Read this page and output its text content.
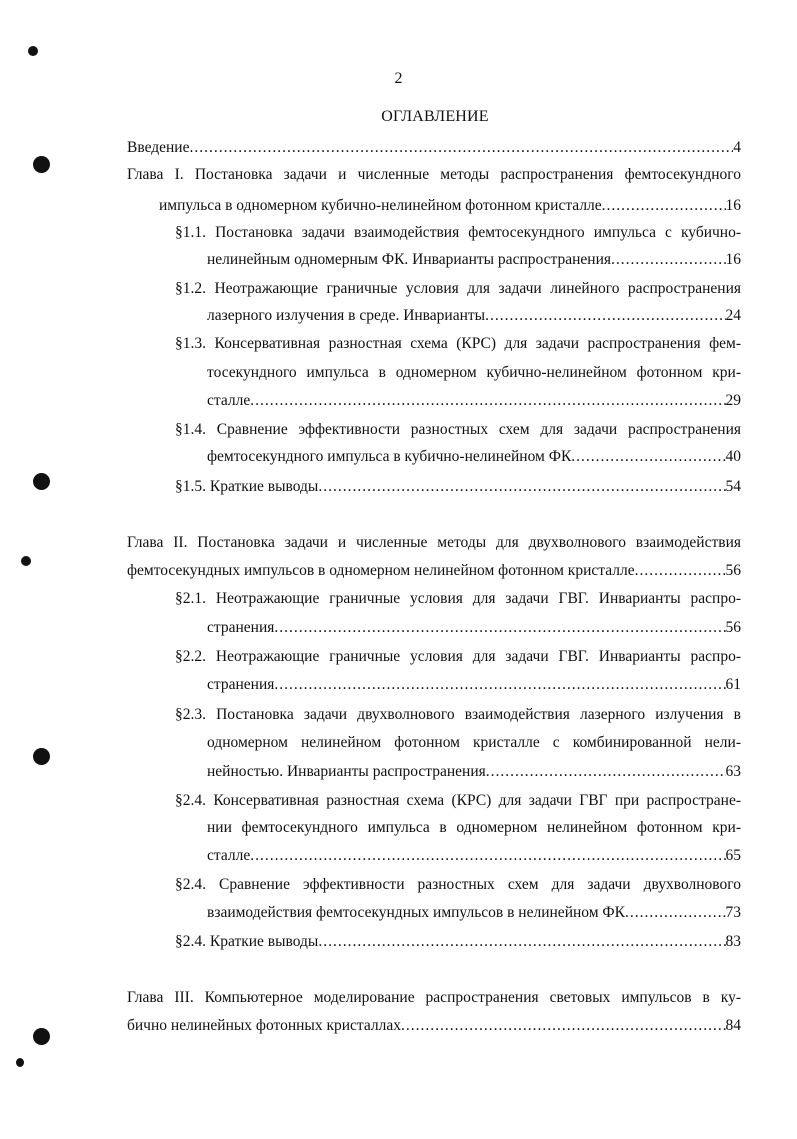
2
ОГЛАВЛЕНИЕ
Введение .....	4
Глава I. Постановка задачи и численные методы распространения фемтосекундного
импульса в одномерном кубично-нелинейном фотонном кристалле .....	16
§1.1. Постановка задачи взаимодействия фемтосекундного импульса с кубично-
нелинейным одномерным ФК. Инварианты распространения .....	16
§1.2. Неотражающие граничные условия для задачи линейного распространения
лазерного излучения в среде. Инварианты .....	24
§1.3. Консервативная разностная схема (КРС) для задачи распространения фем-
тосекундного импульса в одномерном кубично-нелинейном фотонном кри-
сталле .....	29
§1.4. Сравнение эффективности разностных схем для задачи распространения
фемтосекундного импульса в кубично-нелинейном ФК .....	40
§1.5. Краткие выводы .....	54
Глава II. Постановка задачи и численные методы для двухволнового взаимодействия
фемтосекундных импульсов в одномерном нелинейном фотонном кристалле .....	56
§2.1. Неотражающие граничные условия для задачи ГВГ. Инварианты распро-
странения .....	56
§2.2. Неотражающие граничные условия для задачи ГВГ. Инварианты распро-
странения .....	61
§2.3. Постановка задачи двухволнового взаимодействия лазерного излучения в
одномерном нелинейном фотонном кристалле с комбинированной нели-
нейностью. Инварианты распространения .....	63
§2.4. Консервативная разностная схема (КРС) для задачи ГВГ при распростране-
нии фемтосекундного импульса в одномерном нелинейном фотонном кри-
сталле .....	65
§2.4. Сравнение эффективности разностных схем для задачи двухволнового
взаимодействия фемтосекундных импульсов в нелинейном ФК .....	73
§2.4. Краткие выводы .....	83
Глава III. Компьютерное моделирование распространения световых импульсов в ку-
бично нелинейных фотонных кристаллах .....	84
